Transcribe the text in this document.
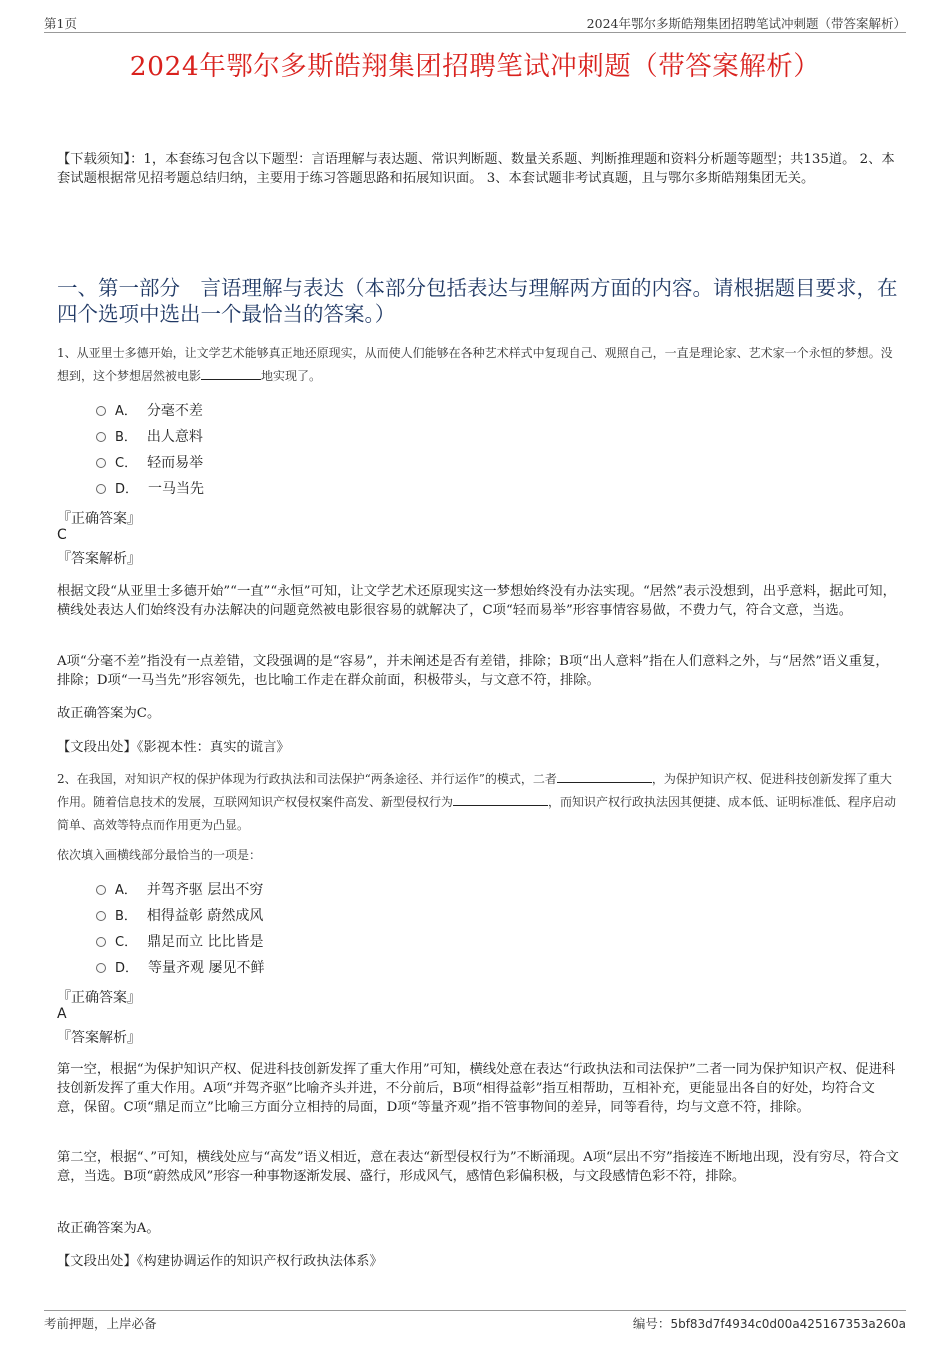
第1页	2024年鄂尔多斯皓翔集团招聘笔试冲刺题（带答案解析）
2024年鄂尔多斯皓翔集团招聘笔试冲刺题（带答案解析）
【下载须知】：1，本套练习包含以下题型：言语理解与表达题、常识判断题、数量关系题、判断推理题和资料分析题等题型；共135道。 2、本套试题根据常见招考题总结归纳，主要用于练习答题思路和拓展知识面。 3、本套试题非考试真题，且与鄂尔多斯皓翔集团无关。
一、第一部分　言语理解与表达（本部分包括表达与理解两方面的内容。请根据题目要求，在四个选项中选出一个最恰当的答案。）
1、从亚里士多德开始，让文学艺术能够真正地还原现实，从而使人们能够在各种艺术样式中复现自己、观照自己，一直是理论家、艺术家一个永恒的梦想。没想到，这个梦想居然被电影	地实现了。
A． 分毫不差
B． 出人意料
C． 轻而易举
D． 一马当先
『正确答案』
C
『答案解析』
根据文段“从亚里士多德开始”“一直”“永恒”可知，让文学艺术还原现实这一梦想始终没有办法实现。“居然”表示没想到，出乎意料，据此可知，横线处表达人们始终没有办法解决的问题竟然被电影很容易的就解决了，C项“轻而易举”形容事情容易做，不费力气，符合文意，当选。
A项“分毫不差”指没有一点差错，文段强调的是“容易”，并未阐述是否有差错，排除；B项“出人意料”指在人们意料之外，与“居然”语义重复，排除；D项“一马当先”形容领先，也比喻工作走在群众前面，积极带头，与文意不符，排除。
故正确答案为C。
【文段出处】《影视本性：真实的谎言》
2、在我国，对知识产权的保护体现为行政执法和司法保护“两条途径、并行运作”的模式，二者	，为保护知识产权、促进科技创新发挥了重大作用。随着信息技术的发展，互联网知识产权侵权案件高发、新型侵权行为	，而知识产权行政执法因其便捷、成本低、证明标准低、程序启动简单、高效等特点而作用更为凸显。
依次填入画横线部分最恰当的一项是：
A． 并驾齐驱 层出不穷
B． 相得益彰 蔚然成风
C． 鼎足而立 比比皆是
D． 等量齐观 屡见不鲜
『正确答案』
A
『答案解析』
第一空，根据“为保护知识产权、促进科技创新发挥了重大作用”可知，横线处意在表达“行政执法和司法保护”二者一同为保护知识产权、促进科技创新发挥了重大作用。A项“并驾齐驱”比喻齐头并进，不分前后，B项“相得益彰”指互相帮助，互相补充，更能显出各自的好处，均符合文意，保留。C项“鼎足而立”比喻三方面分立相持的局面，D项“等量齐观”指不管事物间的差异，同等看待，均与文意不符，排除。
第二空，根据“、”可知，横线处应与“高发”语义相近，意在表达“新型侵权行为”不断涌现。A项“层出不穷”指接连不断地出现，没有穷尽，符合文意，当选。B项“蔚然成风”形容一种事物逐渐发展、盛行，形成风气，感情色彩偏积极，与文段感情色彩不符，排除。
故正确答案为A。
【文段出处】《构建协调运作的知识产权行政执法体系》
考前押题，上岸必备	编号：5bf83d7f4934c0d00a425167353a260a
